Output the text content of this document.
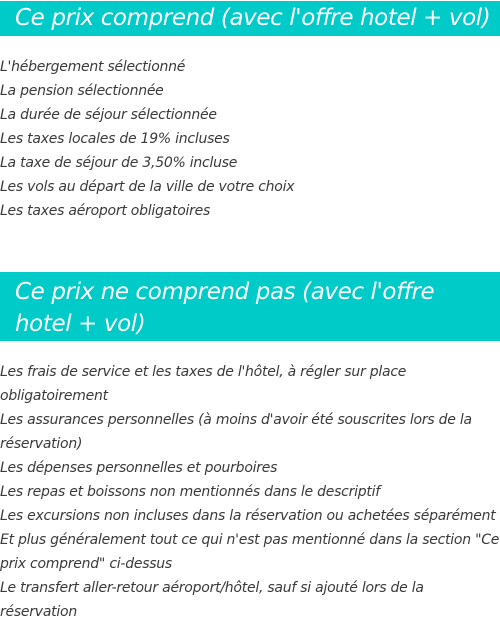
Ce prix comprend (avec l'offre hotel + vol)
L'hébergement sélectionné
La pension sélectionnée
La durée de séjour sélectionnée
Les taxes locales de 19% incluses
La taxe de séjour de 3,50% incluse
Les vols au départ de la ville de votre choix
Les taxes aéroport obligatoires
Ce prix ne comprend pas (avec l'offre hotel + vol)
Les frais de service et les taxes de l'hôtel, à régler sur place obligatoirement
Les assurances personnelles (à moins d'avoir été souscrites lors de la réservation)
Les dépenses personnelles et pourboires
Les repas et boissons non mentionnés dans le descriptif
Les excursions non incluses dans la réservation ou achetées séparément
Et plus généralement tout ce qui n'est pas mentionné dans la section "Ce prix comprend" ci-dessus
Le transfert aller-retour aéroport/hôtel, sauf si ajouté lors de la réservation
